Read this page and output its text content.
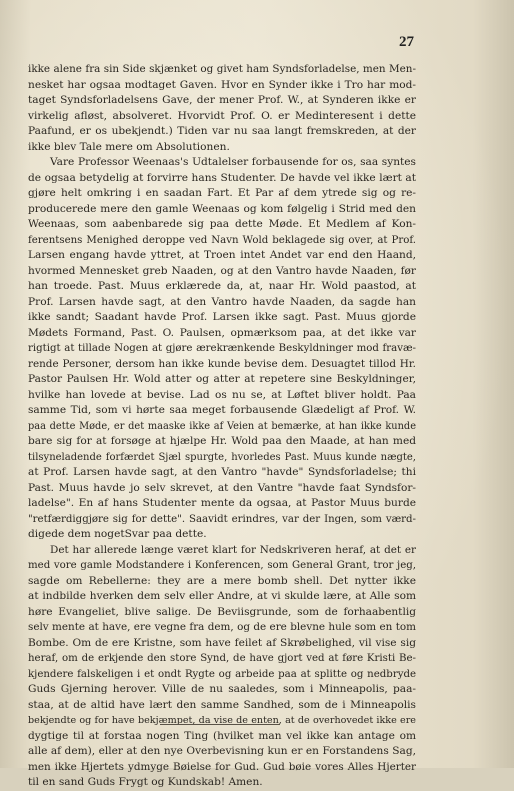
27
ikke alene fra sin Side skjænket og givet ham Syndsforladelse, men Men-
nesket har ogsaa modtaget Gaven. Hvor en Synder ikke i Tro har mod-
taget Syndsforladelsens Gave, der mener Prof. W., at Synderen ikke er
virkelig afløst, absolveret. Hvorvidt Prof. O. er Medinteresent i dette
Paafund, er os ubekjendt.) Tiden var nu saa langt fremskreden, at der
ikke blev Tale mere om Absolutionen.
Vare Professor Weenaas's Udtalelser forbausende for os, saa syntes
de ogsaa betydelig at forvirre hans Studenter. De havde vel ikke lært at
gjøre helt omkring i en saadan Fart. Et Par af dem ytrede sig og re-
producerede mere den gamle Weenaas og kom følgelig i Strid med den
Weenaas, som aabenbarede sig paa dette Møde. Et Medlem af Kon-
ferentsens Menighed deroppe ved Navn Wold beklagede sig over, at Prof.
Larsen engang havde yttret, at Troen intet Andet var end den Haand,
hvormed Mennesket greb Naaden, og at den Vantro havde Naaden, før
han troede. Past. Muus erklærede da, at, naar Hr. Wold paastod, at
Prof. Larsen havde sagt, at den Vantro havde Naaden, da sagde han
ikke sandt; Saadant havde Prof. Larsen ikke sagt. Past. Muus gjorde
Mødets Formand, Past. O. Paulsen, opmærksom paa, at det ikke var
rigtigt at tillade Nogen at gjøre ærekrænkende Beskyldninger mod fravæ-
rende Personer, dersom han ikke kunde bevise dem. Desuagtet tillod Hr.
Pastor Paulsen Hr. Wold atter og atter at repetere sine Beskyldninger,
hvilke han lovede at bevise. Lad os nu se, at Løftet bliver holdt. Paa
samme Tid, som vi hørte saa meget forbausende Glædeligt af Prof. W.
paa dette Møde, er det maaske ikke af Veien at bemærke, at han ikke kunde
bare sig for at forsøge at hjælpe Hr. Wold paa den Maade, at han med
tilsyneladende forfærdet Sjæl spurgte, hvorledes Past. Muus kunde nægte,
at Prof. Larsen havde sagt, at den Vantro "havde" Syndsforladelse; thi
Past. Muus havde jo selv skrevet, at den Vantre "havde faat Syndsfor-
ladelse". En af hans Studenter mente da ogsaa, at Pastor Muus burde
"retfærdiggjøre sig for dette". Saavidt erindres, var der Ingen, som værd-
digede dem nogetSvar paa dette.
Det har allerede længe været klart for Nedskriveren heraf, at det er
med vore gamle Modstandere i Konferencen, som General Grant, tror jeg,
sagde om Rebellerne: they are a mere bomb shell. Det nytter ikke
at indbilde hverken dem selv eller Andre, at vi skulde lære, at Alle som
høre Evangeliet, blive salige. De Beviisgrunde, som de forhaabentlig
selv mente at have, ere vegne fra dem, og de ere blevne hule som en tom
Bombe. Om de ere Kristne, som have feilet af Skrøbelighed, vil vise sig
heraf, om de erkjende den store Synd, de have gjort ved at føre Kristi Be-
kjendere falskeligen i et ondt Rygte og arbeide paa at splitte og nedbryde
Guds Gjerning herover. Ville de nu saaledes, som i Minneapolis, paa-
staa, at de altid have lært den samme Sandhed, som de i Minneapolis
bekjendte og for have bekjæmpet, da vise de enten, at de overhovedet ikke ere
dygtige til at forstaa nogen Ting (hvilket man vel ikke kan antage om
alle af dem), eller at den nye Overbevisning kun er en Forstandens Sag,
men ikke Hjertets ydmyge Bøielse for Gud. Gud bøie vores Alles Hjerter
til en sand Guds Frygt og Kundskab! Amen.
